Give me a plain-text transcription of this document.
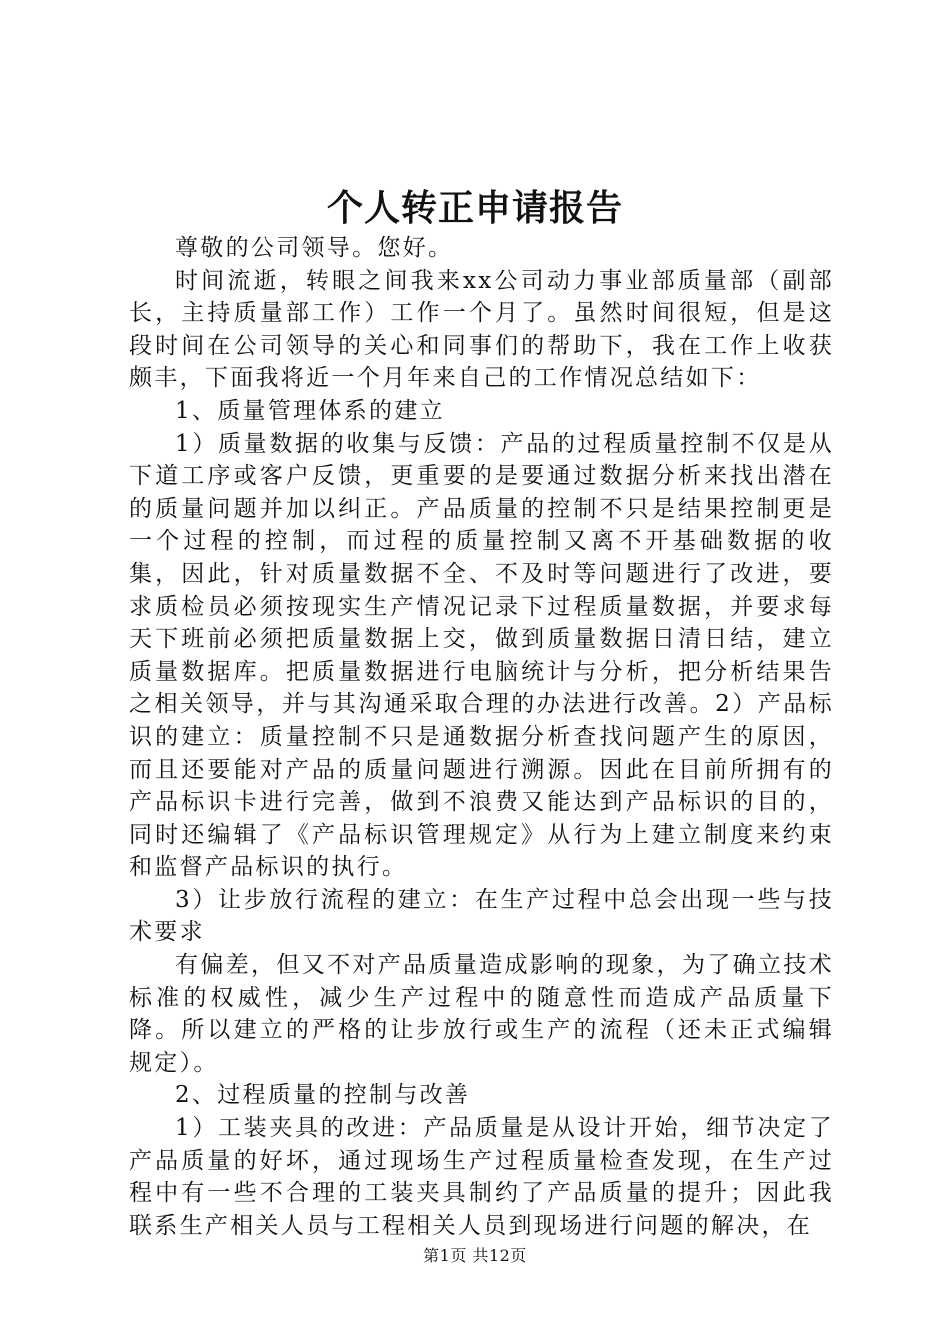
个人转正申请报告

尊敬的公司领导。您好。

时间流逝，转眼之间我来xx公司动力事业部质量部（副部长，主持质量部工作）工作一个月了。虽然时间很短，但是这段时间在公司领导的关心和同事们的帮助下，我在工作上收获颇丰，下面我将近一个月年来自己的工作情况总结如下：

1、质量管理体系的建立

1）质量数据的收集与反馈：产品的过程质量控制不仅是从下道工序或客户反馈，更重要的是要通过数据分析来找出潜在的质量问题并加以纠正。产品质量的控制不只是结果控制更是一个过程的控制，而过程的质量控制又离不开基础数据的收集，因此，针对质量数据不全、不及时等问题进行了改进，要求质检员必须按现实生产情况记录下过程质量数据，并要求每天下班前必须把质量数据上交，做到质量数据日清日结，建立质量数据库。把质量数据进行电脑统计与分析，把分析结果告之相关领导，并与其沟通采取合理的办法进行改善。2）产品标识的建立：质量控制不只是通数据分析查找问题产生的原因，而且还要能对产品的质量问题进行溯源。因此在目前所拥有的产品标识卡进行完善，做到不浪费又能达到产品标识的目的，同时还编辑了《产品标识管理规定》从行为上建立制度来约束和监督产品标识的执行。

3）让步放行流程的建立：在生产过程中总会出现一些与技术要求

有偏差，但又不对产品质量造成影响的现象，为了确立技术标准的权威性，减少生产过程中的随意性而造成产品质量下降。所以建立的严格的让步放行或生产的流程（还未正式编辑规定）。

2、过程质量的控制与改善

1）工装夹具的改进：产品质量是从设计开始，细节决定了产品质量的好坏，通过现场生产过程质量检查发现，在生产过程中有一些不合理的工装夹具制约了产品质量的提升；因此我联系生产相关人员与工程相关人员到现场进行问题的解决，在

第1页 共12页
